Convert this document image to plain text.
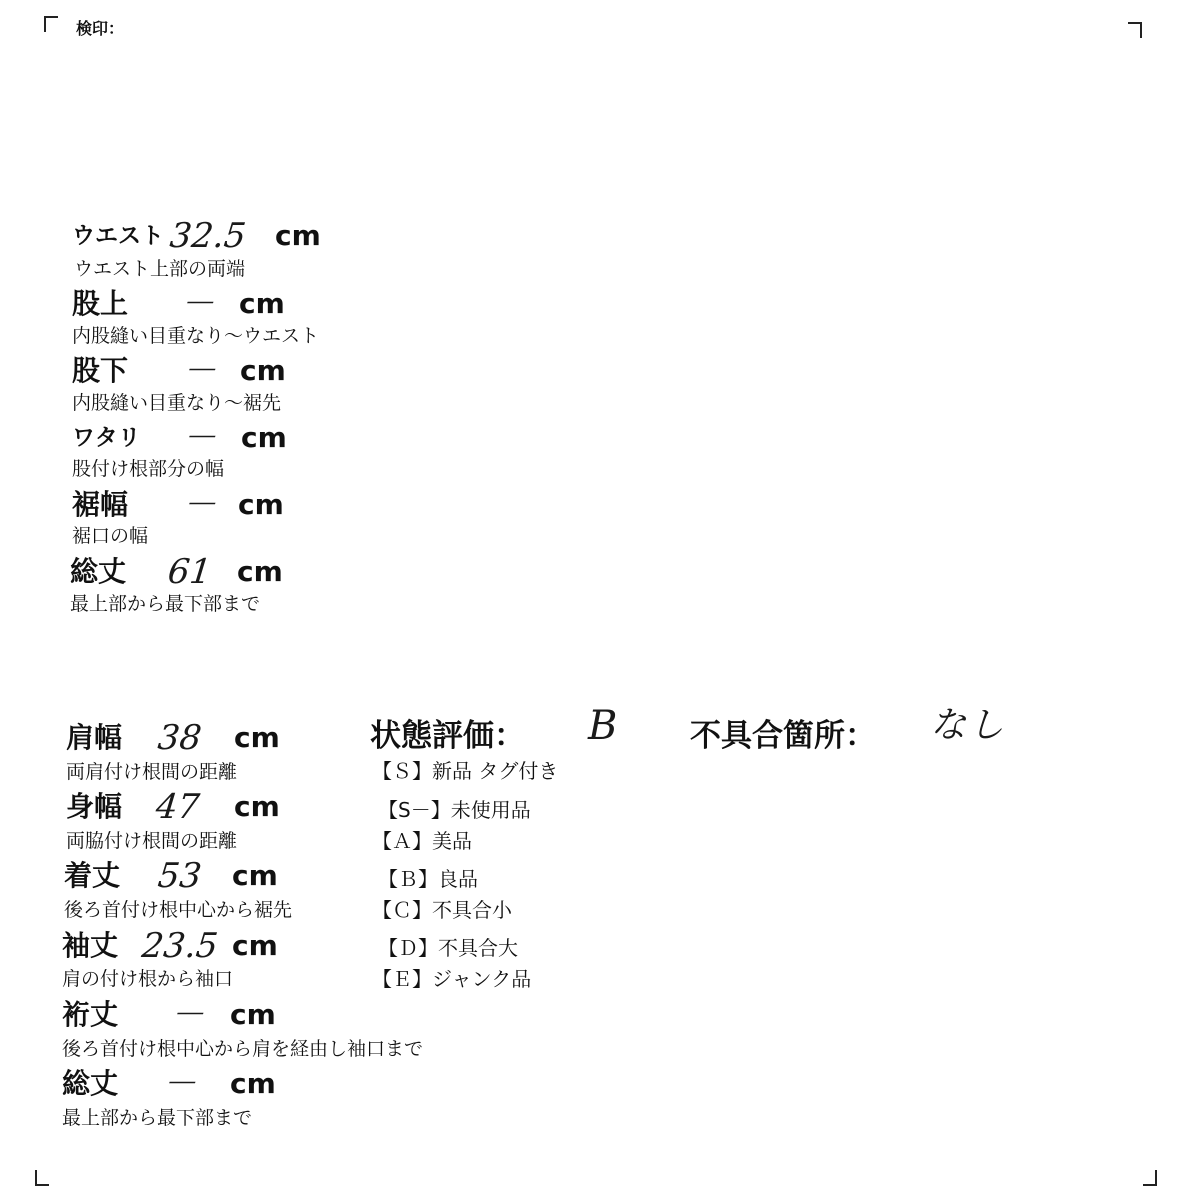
検印：
ウエスト 32.5 cm
ウエスト上部の両端
股上 － cm
内股縫い目重なり～ウエスト
股下 － cm
内股縫い目重なり～裾先
ワタリ － cm
股付け根部分の幅
裾幅 － cm
裾口の幅
総丈 61 cm
最上部から最下部まで
肩幅 38 cm
両肩付け根間の距離
身幅 47 cm
両脇付け根間の距離
着丈 53 cm
後ろ首付け根中心から裾先
袖丈 23.5 cm
肩の付け根から袖口
裄丈 － cm
後ろ首付け根中心から肩を経由し袖口まで
総丈 － cm
最上部から最下部まで
状態評価： B
【Ｓ】新品 タグ付き
【S－】未使用品
【Ａ】美品
【Ｂ】良品
【Ｃ】不具合小
【Ｄ】不具合大
【Ｅ】ジャンク品
不具合箇所： なし
